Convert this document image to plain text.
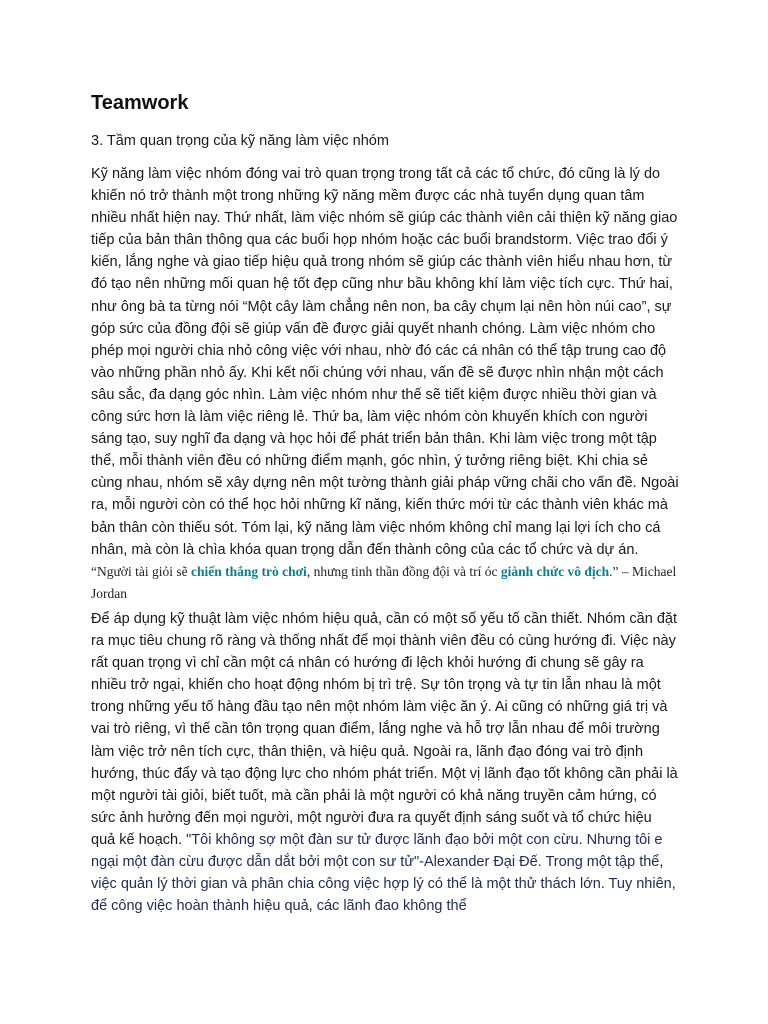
Teamwork

3. Tầm quan trọng của kỹ năng làm việc nhóm

Kỹ năng làm việc nhóm đóng vai trò quan trọng trong tất cả các tổ chức, đó cũng là lý do khiến nó trở thành một trong những kỹ năng mềm được các nhà tuyển dụng quan tâm nhiều nhất hiện nay. Thứ nhất, làm việc nhóm sẽ giúp các thành viên cải thiện kỹ năng giao tiếp của bản thân thông qua các buổi họp nhóm hoặc các buổi brandstorm. Việc trao đổi ý kiến, lắng nghe và giao tiếp hiệu quả trong nhóm sẽ giúp các thành viên hiểu nhau hơn, từ đó tạo nên những mối quan hệ tốt đẹp cũng như bầu không khí làm việc tích cực. Thứ hai, như ông bà ta từng nói “Một cây làm chẳng nên non, ba cây chụm lại nên hòn núi cao”, sự góp sức của đồng đội sẽ giúp vấn đề được giải quyết nhanh chóng. Làm việc nhóm cho phép mọi người chia nhỏ công việc với nhau, nhờ đó các cá nhân có thể tập trung cao độ vào những phần nhỏ ấy. Khi kết nối chúng với nhau, vấn đề sẽ được nhìn nhận một cách sâu sắc, đa dạng góc nhìn. Làm việc nhóm như thế sẽ tiết kiệm được nhiều thời gian và công sức hơn là làm việc riêng lẻ. Thứ ba, làm việc nhóm còn khuyến khích con người sáng tạo, suy nghĩ đa dạng và học hỏi để phát triển bản thân. Khi làm việc trong một tập thể, mỗi thành viên đều có những điểm mạnh, góc nhìn, ý tưởng riêng biệt. Khi chia sẻ cùng nhau, nhóm sẽ xây dựng nên một tường thành giải pháp vững chãi cho vấn đề. Ngoài ra, mỗi người còn có thể học hỏi những kĩ năng, kiến thức mới từ các thành viên khác mà bản thân còn thiếu sót. Tóm lại, kỹ năng làm việc nhóm không chỉ mang lại lợi ích cho cá nhân, mà còn là chìa khóa quan trọng dẫn đến thành công của các tổ chức và dự án. “Người tài giỏi sẽ chiến thắng trò chơi, nhưng tinh thần đồng đội và trí óc giành chức vô địch.” – Michael Jordan

Để áp dụng kỹ thuật làm việc nhóm hiệu quả, cần có một số yếu tố cần thiết. Nhóm cần đặt ra mục tiêu chung rõ ràng và thống nhất để mọi thành viên đều có cùng hướng đi. Việc này rất quan trọng vì chỉ cần một cá nhân có hướng đi lệch khỏi hướng đi chung sẽ gây ra nhiều trở ngại, khiến cho hoạt động nhóm bị trì trệ. Sự tôn trọng và tự tin lẫn nhau là một trong những yếu tố hàng đầu tạo nên một nhóm làm việc ăn ý. Ai cũng có những giá trị và vai trò riêng, vì thế cần tôn trọng quan điểm, lắng nghe và hỗ trợ lẫn nhau để môi trường làm việc trở nên tích cực, thân thiện, và hiệu quả. Ngoài ra, lãnh đạo đóng vai trò định hướng, thúc đẩy và tạo động lực cho nhóm phát triển. Một vị lãnh đạo tốt không cần phải là một người tài giỏi, biết tuốt, mà cần phải là một người có khả năng truyền cảm hứng, có sức ảnh hưởng đến mọi người, một người đưa ra quyết định sáng suốt và tổ chức hiệu quả kế hoạch. "Tôi không sợ một đàn sư tử được lãnh đạo bởi một con cừu. Nhưng tôi e ngại một đàn cừu được dẫn dắt bởi một con sư tử"-Alexander Đại Đế. Trong một tập thể, việc quản lý thời gian và phân chia công việc hợp lý có thể là một thử thách lớn. Tuy nhiên, để công việc hoàn thành hiệu quả, các lãnh đao không thể
